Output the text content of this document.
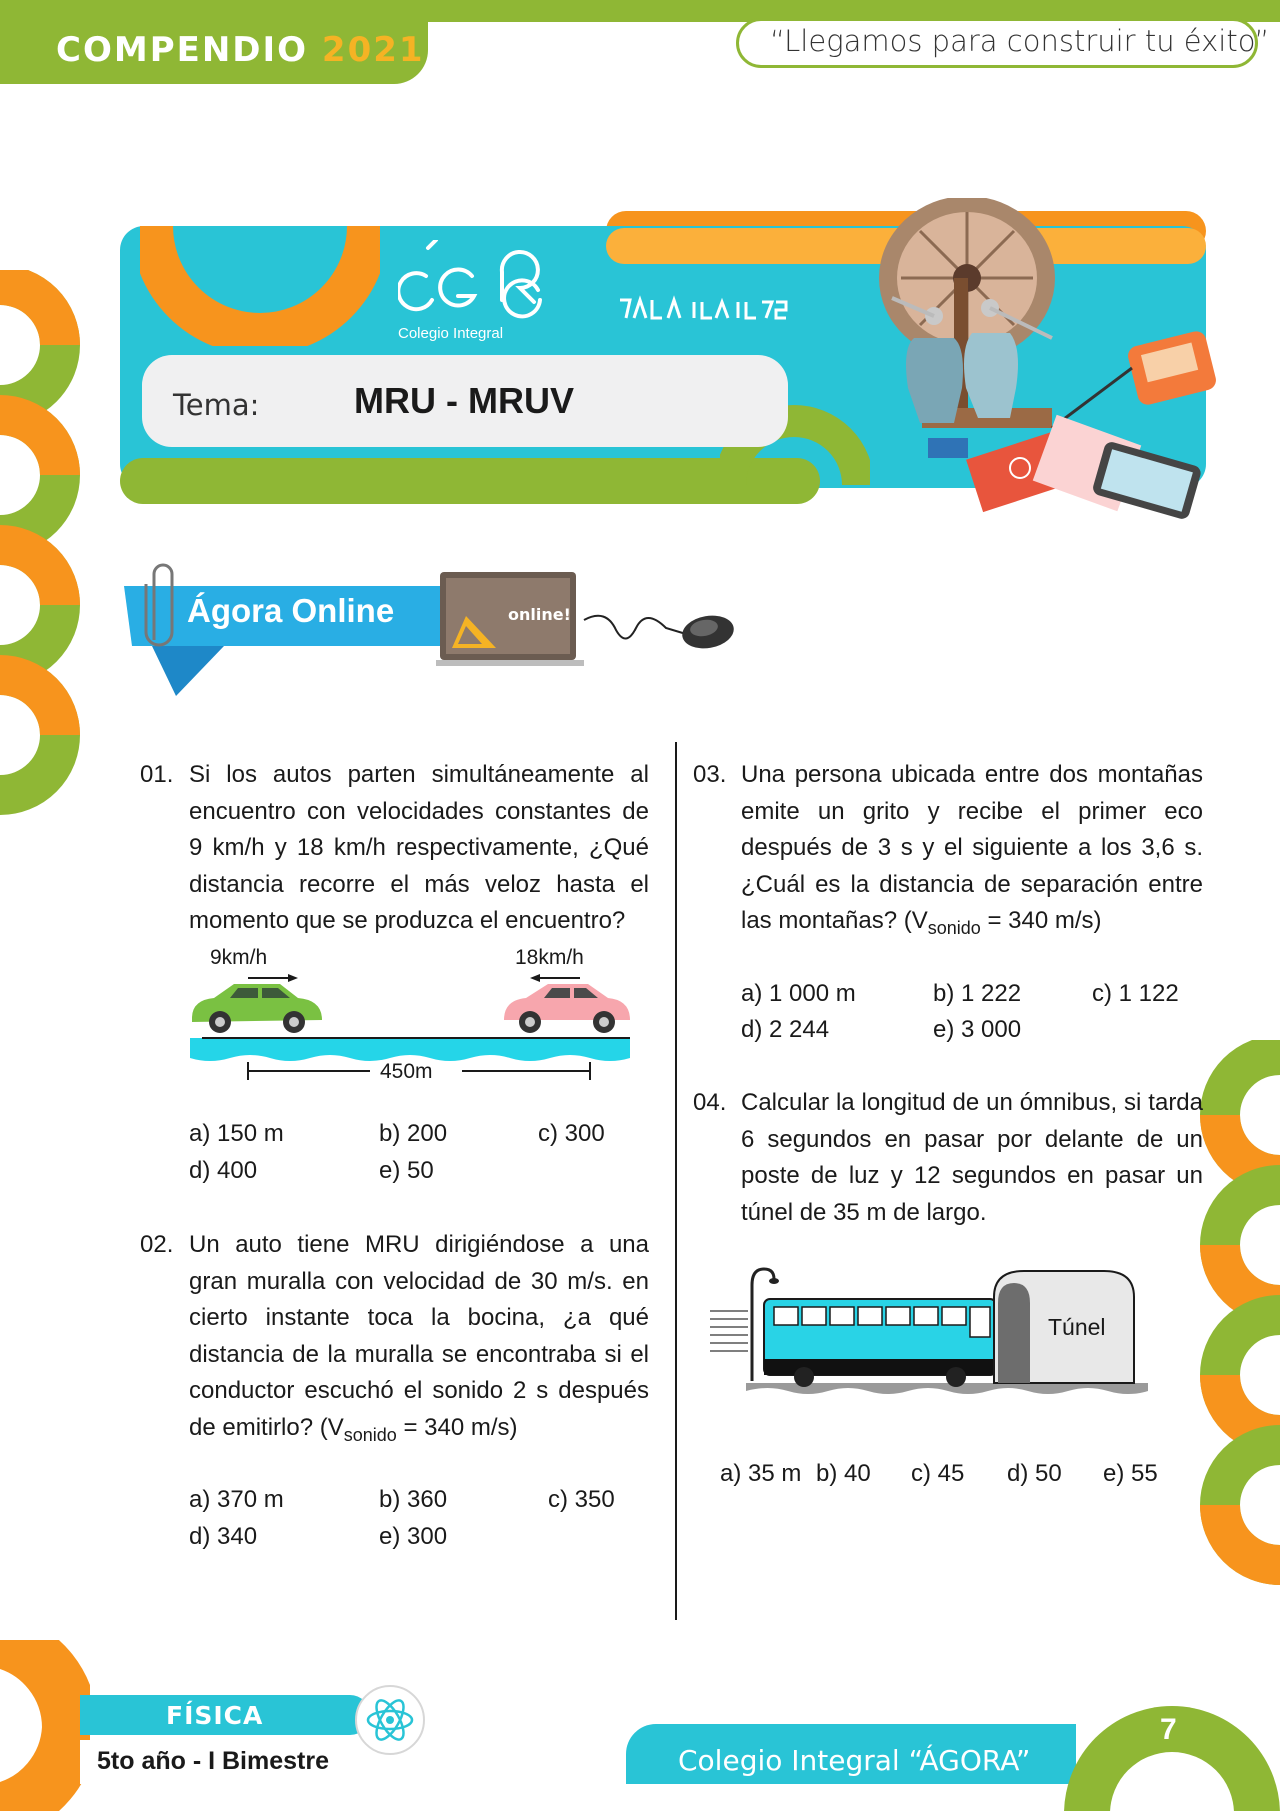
COMPENDIO 2021	“Llegamos para construir tu éxito”
Tema:	MRU - MRUV
Colegio Integral
Ágora Online	online!
01. Si los autos parten simultáneamente al encuentro con velocidades constantes de 9 km/h y 18 km/h respectivamente, ¿Qué distancia recorre el más veloz hasta el momento que se produzca el encuentro?
9km/h	18km/h
450m
a) 150 m	b) 200	c) 300
d) 400	e) 50
02. Un auto tiene MRU dirigiéndose a una gran muralla con velocidad de 30 m/s. en cierto instante toca la bocina, ¿a qué distancia de la muralla se encontraba si el conductor escuchó el sonido 2 s después de emitirlo? ($V_{sonido} = 340$ m/s)
a) 370 m	b) 360	c) 350
d) 340	e) 300
03. Una persona ubicada entre dos montañas emite un grito y recibe el primer eco después de 3 s y el siguiente a los 3,6 s. ¿Cuál es la distancia de separación entre las montañas? ($V_{sonido} = 340$ m/s)
a) 1 000 m	b) 1 222	c) 1 122
d) 2 244	e) 3 000
04. Calcular la longitud de un ómnibus, si tarda 6 segundos en pasar por delante de un poste de luz y 12 segundos en pasar un túnel de 35 m de largo.
Túnel
a) 35 m b) 40 c) 45 d) 50 e) 55
FÍSICA
5to año - I Bimestre	Colegio Integral “ÁGORA”
7
